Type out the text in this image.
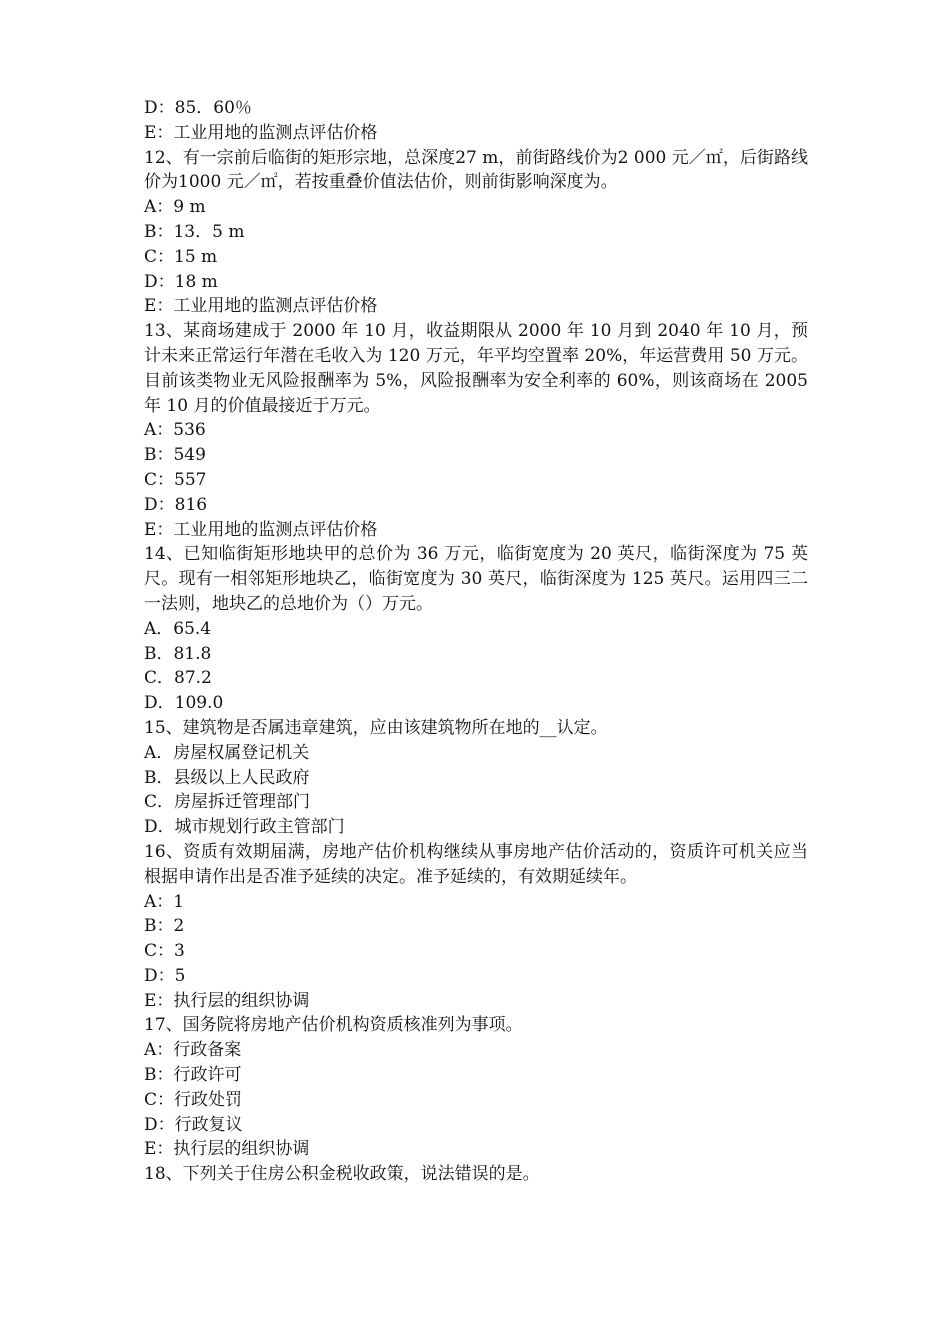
D：85．60％

E：工业用地的监测点评估价格

12、有一宗前后临街的矩形宗地，总深度27 m，前街路线价为2 000 元／㎡，后街路线价为1000 元／㎡，若按重叠价值法估价，则前街影响深度为。

A：9 m

B：13．5 m

C：15 m

D：18 m

E：工业用地的监测点评估价格

13、某商场建成于 2000 年 10 月，收益期限从 2000 年 10 月到 2040 年 10 月，预计未来正常运行年潜在毛收入为 120 万元，年平均空置率 20%，年运营费用 50 万元。目前该类物业无风险报酬率为 5%，风险报酬率为安全利率的 60%，则该商场在 2005 年 10 月的价值最接近于万元。

A：536

B：549

C：557

D：816

E：工业用地的监测点评估价格

14、已知临街矩形地块甲的总价为 36 万元，临街宽度为 20 英尺，临街深度为 75 英尺。现有一相邻矩形地块乙，临街宽度为 30 英尺，临街深度为 125 英尺。运用四三二一法则，地块乙的总地价为（）万元。

A．65.4

B．81.8

C．87.2

D．109.0

15、建筑物是否属违章建筑，应由该建筑物所在地的__认定。

A．房屋权属登记机关

B．县级以上人民政府

C．房屋拆迁管理部门

D．城市规划行政主管部门

16、资质有效期届满，房地产估价机构继续从事房地产估价活动的，资质许可机关应当根据申请作出是否准予延续的决定。准予延续的，有效期延续年。

A：1

B：2

C：3

D：5

E：执行层的组织协调

17、国务院将房地产估价机构资质核准列为事项。

A：行政备案

B：行政许可

C：行政处罚

D：行政复议

E：执行层的组织协调

18、下列关于住房公积金税收政策，说法错误的是。
